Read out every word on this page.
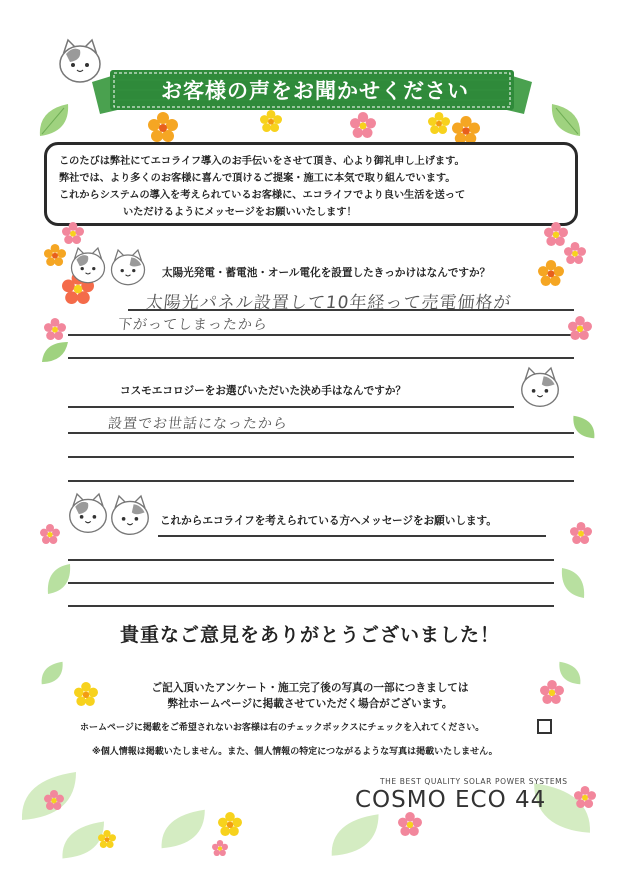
お客様の声をお聞かせください
このたびは弊社にてエコライフ導入のお手伝いをさせて頂き、心より御礼申し上げます。
弊社では、より多くのお客様に喜んで頂けるご提案・施工に本気で取り組んでいます。
これからシステムの導入を考えられているお客様に、エコライフでより良い生活を送って
いただけるようにメッセージをお願いいたします！
太陽光発電・蓄電池・オール電化を設置したきっかけはなんですか？
太陽光パネル設置して10年経って売電価格が
下がってしまったから
コスモエコロジーをお選びいただいた決め手はなんですか？
設置でお世話になったから
これからエコライフを考えられている方へメッセージをお願いします。
貴重なご意見をありがとうございました！
ご記入頂いたアンケート・施工完了後の写真の一部につきましては
弊社ホームページに掲載させていただく場合がございます。
ホームページに掲載をご希望されないお客様は右のチェックボックスにチェックを入れてください。
※個人情報は掲載いたしません。また、個人情報の特定につながるような写真は掲載いたしません。
THE BEST QUALITY SOLAR POWER SYSTEMS
COSMO ECO 44
